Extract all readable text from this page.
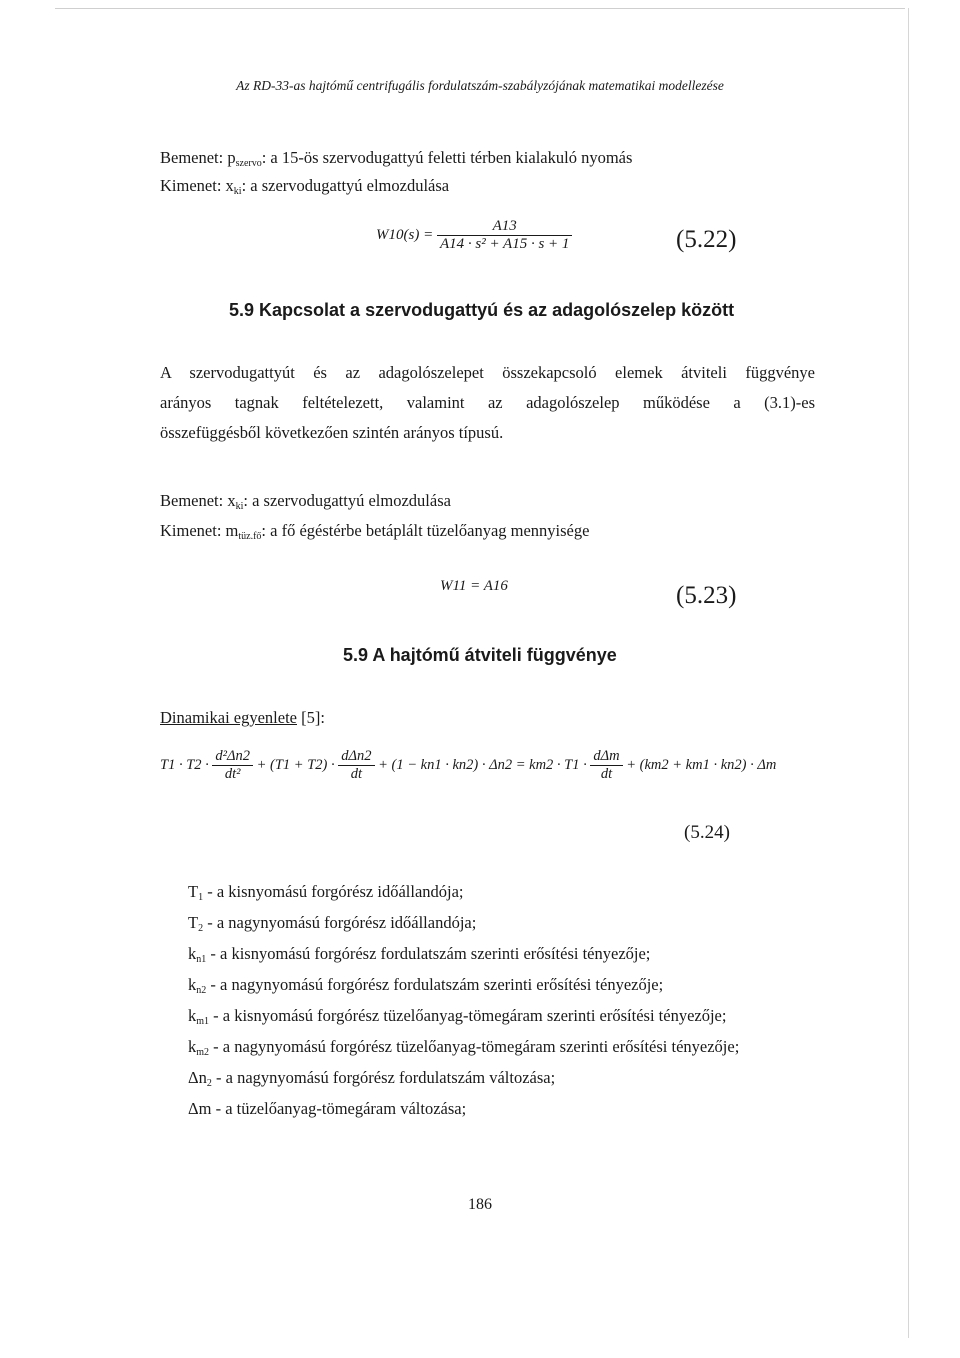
Az RD-33-as hajtómű centrifugális fordulatszám-szabályzójának matematikai modellezése
Bemenet: $p_{szervo}$: a 15-ös szervodugattyú feletti térben kialakuló nyomás
Kimenet: $x_{ki}$: a szervodugattyú elmozdulása
$W10(s) = \frac{A13}{\text{A14 · s² + A15 · s + 1}}$	(5.22)
5.9 Kapcsolat a szervodugattyú és az adagolószelep között
A szervodugattyút és az adagolószelepet összekapcsoló elemek átviteli függvénye
arányos tagnak feltételezett, valamint az adagolószelep működése a (3.1)-es
összefüggésből következően szintén arányos típusú.
Bemenet: $x_{ki}$: a szervodugattyú elmozdulása
Kimenet: $m_{tüz.fő}$: a fő égéstérbe betáplált tüzelőanyag mennyisége
W11 = A16	(5.23)
5.9 A hajtómű átviteli függvénye
Dinamikai egyenlete [5]:
$T1 \cdot T2 \cdot \frac{\text{d²Δn2}}{\text{dt²}} + (T1 + T2) \cdot \frac{\text{dΔn2}}{dt} + (1 - kn1 \cdot kn2) \cdot \Delta n2 = km2 \cdot T1 \cdot \frac{\text{dΔm}}{dt} + (km2 + km1 \cdot kn2) \cdot \Delta m$
(5.24)
$T_1$ - a kisnyomású forgórész időállandója;
$T_2$ - a nagynyomású forgórész időállandója;
$k_{n1}$ - a kisnyomású forgórész fordulatszám szerinti erősítési tényezője;
$k_{n2}$ - a nagynyomású forgórész fordulatszám szerinti erősítési tényezője;
$k_{m1}$ - a kisnyomású forgórész tüzelőanyag-tömegáram szerinti erősítési tényezője;
$k_{m2}$ - a nagynyomású forgórész tüzelőanyag-tömegáram szerinti erősítési tényezője;
$\Delta n_2$ - a nagynyomású forgórész fordulatszám változása;
Δm - a tüzelőanyag-tömegáram változása;
186
